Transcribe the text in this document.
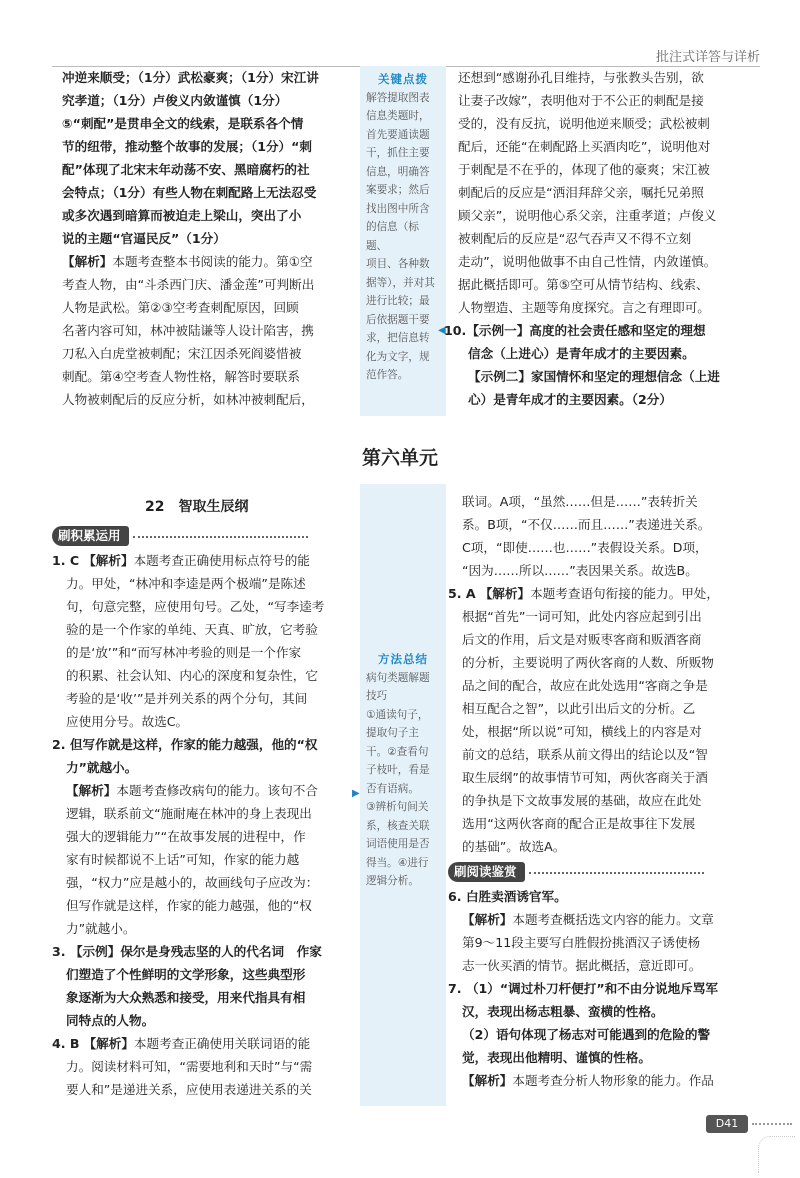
批注式详答与详析

冲逆来顺受；（1分）武松豪爽；（1分）宋江讲

究孝道；（1分）卢俊义内敛谨慎（1分）

⑤“刺配”是贯串全文的线索，是联系各个情

节的纽带，推动整个故事的发展；（1分）“刺

配”体现了北宋末年动荡不安、黑暗腐朽的社

会特点；（1分）有些人物在刺配路上无法忍受

或多次遇到暗算而被迫走上梁山，突出了小

说的主题“官逼民反”（1分）

【解析】本题考查整本书阅读的能力。第①空

考查人物，由“斗杀西门庆、潘金莲”可判断出

人物是武松。第②③空考查刺配原因，回顾

名著内容可知，林冲被陆谦等人设计陷害，携

刀私入白虎堂被刺配；宋江因杀死阎婆惜被

刺配。第④空考查人物性格，解答时要联系

人物被刺配后的反应分析，如林冲被刺配后，

关键点拨
解答提取图表
信息类题时，
首先要通读题
干，抓住主要
信息，明确答
案要求；然后
找出图中所含
的信息（标题、
项目、各种数
据等），并对其
进行比较；最
后依据题干要
求，把信息转
化为文字，规
范作答。
◀

还想到“感谢孙孔目维持，与张教头告别，欲

让妻子改嫁”，表明他对于不公正的刺配是接

受的，没有反抗，说明他逆来顺受；武松被刺

配后，还能“在刺配路上买酒肉吃”，说明他对

于刺配是不在乎的，体现了他的豪爽；宋江被

刺配后的反应是“洒泪拜辞父亲，嘱托兄弟照

顾父亲”，说明他心系父亲，注重孝道；卢俊义

被刺配后的反应是“忍气吞声又不得不立刻

走动”，说明他做事不由自己性情，内敛谨慎。

据此概括即可。第⑤空可从情节结构、线索、

人物塑造、主题等角度探究。言之有理即可。

10.【示例一】高度的社会责任感和坚定的理想

信念（上进心）是青年成才的主要因素。

【示例二】家国情怀和坚定的理想信念（上进

心）是青年成才的主要因素。（2分）

第六单元
22　智取生辰纲
刷积累运用

1. C 【解析】本题考查正确使用标点符号的能

力。甲处，“林冲和李逵是两个极端”是陈述

句，句意完整，应使用句号。乙处，“写李逵考

验的是一个作家的单纯、天真、旷放，它考验

的是‘放’”和“而写林冲考验的则是一个作家

的积累、社会认知、内心的深度和复杂性，它

考验的是‘收’”是并列关系的两个分句，其间

应使用分号。故选C。

2. 但写作就是这样，作家的能力越强，他的“权

力”就越小。

【解析】本题考查修改病句的能力。该句不合

逻辑，联系前文“施耐庵在林冲的身上表现出

强大的逻辑能力”“在故事发展的进程中，作

家有时候都说不上话”可知，作家的能力越

强，“权力”应是越小的，故画线句子应改为：

但写作就是这样，作家的能力越强，他的“权

力”就越小。

3. 【示例】保尔是身残志坚的人的代名词　作家

们塑造了个性鲜明的文学形象，这些典型形

象逐渐为大众熟悉和接受，用来代指具有相

同特点的人物。

4. B 【解析】本题考查正确使用关联词语的能

力。阅读材料可知，“需要地利和天时”与“需

要人和”是递进关系，应使用表递进关系的关

方法总结
病句类题解题
技巧
①通读句子，
提取句子主
干。②查看句
子枝叶，看是
否有语病。
③辨析句间关
系，核查关联
词语使用是否
得当。④进行
逻辑分析。
▶

联词。A项，“虽然……但是……”表转折关

系。B项，“不仅……而且……”表递进关系。

C项，“即使……也……”表假设关系。D项，

“因为……所以……”表因果关系。故选B。

5. A 【解析】本题考查语句衔接的能力。甲处，

根据“首先”一词可知，此处内容应起到引出

后文的作用，后文是对贩枣客商和贩酒客商

的分析，主要说明了两伙客商的人数、所贩物

品之间的配合，故应在此处选用“客商之争是

相互配合之智”，以此引出后文的分析。乙

处，根据“所以说”可知，横线上的内容是对

前文的总结，联系从前文得出的结论以及“智

取生辰纲”的故事情节可知，两伙客商关于酒

的争执是下文故事发展的基础，故应在此处

选用“这两伙客商的配合正是故事往下发展

的基础”。故选A。

刷阅读鉴赏

6. 白胜卖酒诱官军。

【解析】本题考查概括选文内容的能力。文章

第9～11段主要写白胜假扮挑酒汉子诱使杨

志一伙买酒的情节。据此概括，意近即可。

7. （1）“调过朴刀杆便打”和不由分说地斥骂军

汉，表现出杨志粗暴、蛮横的性格。

（2）语句体现了杨志对可能遇到的危险的警

觉，表现出他精明、谨慎的性格。

【解析】本题考查分析人物形象的能力。作品

D41
